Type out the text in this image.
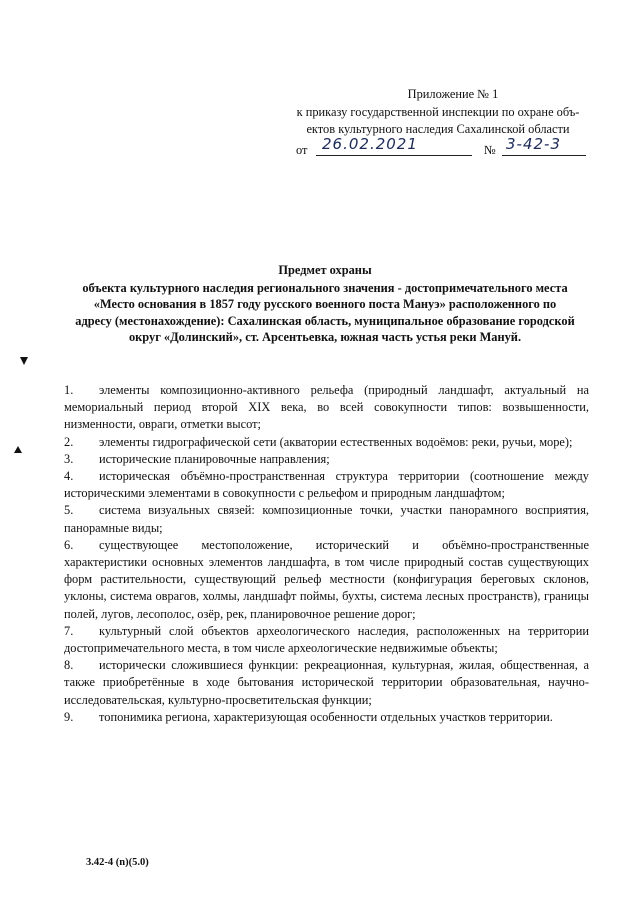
Приложение № 1
к приказу государственной инспекции по охране объ-
ектов культурного наследия Сахалинской области
от 26.02.2021	№ 3-42-3
Предмет охраны
объекта культурного наследия регионального значения - достопримечательного места
«Место основания в 1857 году русского военного поста Мануэ» расположенного по
адресу (местонахождение): Сахалинская область, муниципальное образование городской
округ «Долинский», ст. Арсентьевка, южная часть устья реки Мануй.
1.	элементы композиционно-активного рельефа (природный ландшафт, актуальный на мемориальный период второй XIX века, во всей совокупности типов: возвышенности, низменности, овраги, отметки высот;
2.	элементы гидрографической сети (акватории естественных водоёмов: реки, ручьи, море);
3.	исторические планировочные направления;
4.	историческая объёмно-пространственная структура территории (соотношение между историческими элементами в совокупности с рельефом и природным ландшафтом;
5.	система визуальных связей: композиционные точки, участки панорамного восприятия, панорамные виды;
6.	существующее местоположение, исторический и объёмно-пространственные характеристики основных элементов ландшафта, в том числе природный состав существующих форм растительности, существующий рельеф местности (конфигурация береговых склонов, уклоны, система оврагов, холмы, ландшафт поймы, бухты, система лесных пространств), границы полей, лугов, лесополос, озёр, рек, планировочное решение дорог;
7.	культурный слой объектов археологического наследия, расположенных на территории достопримечательного места, в том числе археологические недвижимые объекты;
8.	исторически сложившиеся функции: рекреационная, культурная, жилая, общественная, а также приобретённые в ходе бытования исторической территории образовательная, научно-исследовательская, культурно-просветительская функции;
9.	топонимика региона, характеризующая особенности отдельных участков территории.
3.42-4 (n)(5.0)
